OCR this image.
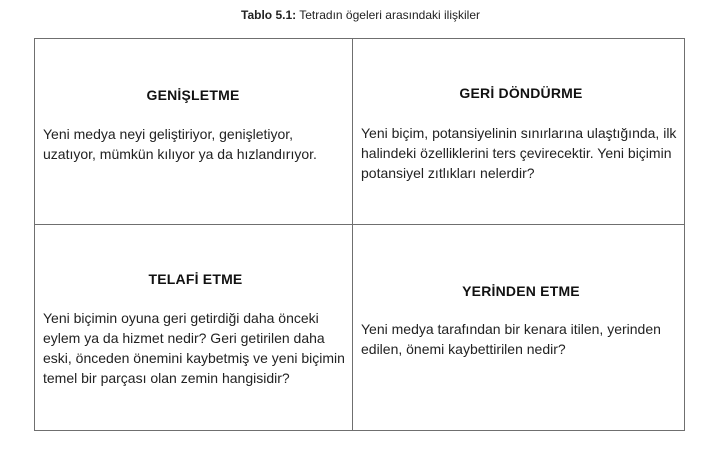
Tablo 5.1: Tetradın ögeleri arasındaki ilişkiler
GENİŞLETME

Yeni medya neyi geliştiriyor, genişletiyor, uzatıyor, mümkün kılıyor ya da hızlandırıyor.

GERİ DÖNDÜRME

Yeni biçim, potansiyelinin sınırlarına ulaştığında, ilk halindeki özelliklerini ters çevirecektir. Yeni biçimin potansiyel zıtlıkları nelerdir?

TELAFİ ETME

Yeni biçimin oyuna geri getirdiği daha önceki eylem ya da hizmet nedir? Geri getirilen daha eski, önceden önemini kaybetmiş ve yeni biçimin temel bir parçası olan zemin hangisidir?

YERİNDEN ETME

Yeni medya tarafından bir kenara itilen, yerinden edilen, önemi kaybettirilen nedir?
